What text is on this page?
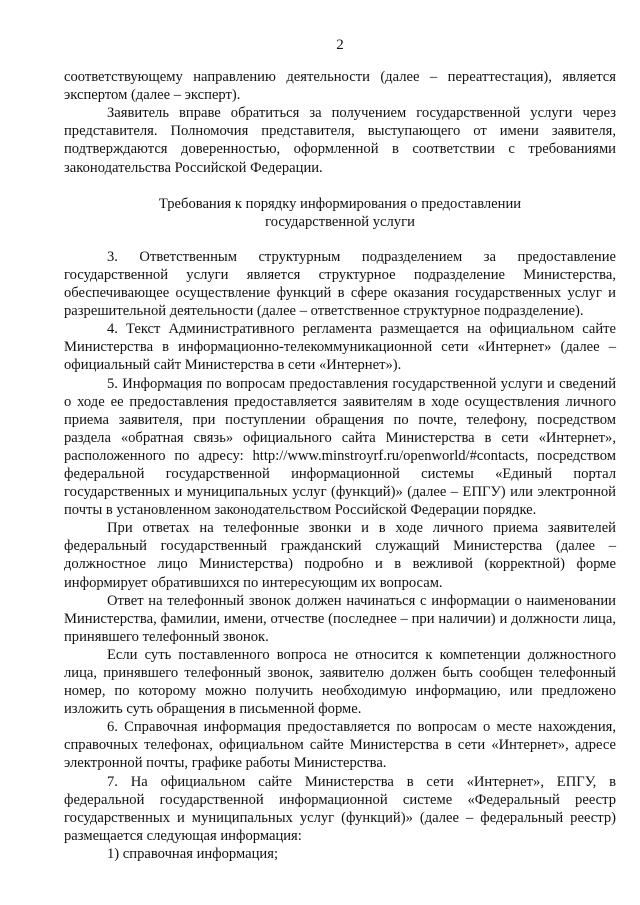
2

соответствующему направлению деятельности (далее – переаттестация), является экспертом (далее – эксперт).

Заявитель вправе обратиться за получением государственной услуги через представителя. Полномочия представителя, выступающего от имени заявителя, подтверждаются доверенностью, оформленной в соответствии с требованиями законодательства Российской Федерации.

Требования к порядку информирования о предоставлении
государственной услуги

3. Ответственным структурным подразделением за предоставление государственной услуги является структурное подразделение Министерства, обеспечивающее осуществление функций в сфере оказания государственных услуг и разрешительной деятельности (далее – ответственное структурное подразделение).

4. Текст Административного регламента размещается на официальном сайте Министерства в информационно-телекоммуникационной сети «Интернет» (далее – официальный сайт Министерства в сети «Интернет»).

5. Информация по вопросам предоставления государственной услуги и сведений о ходе ее предоставления предоставляется заявителям в ходе осуществления личного приема заявителя, при поступлении обращения по почте, телефону, посредством раздела «обратная связь» официального сайта Министерства в сети «Интернет», расположенного по адресу: http://www.minstroyrf.ru/openworld/#contacts, посредством федеральной государственной информационной системы «Единый портал государственных и муниципальных услуг (функций)» (далее – ЕПГУ) или электронной почты в установленном законодательством Российской Федерации порядке.

При ответах на телефонные звонки и в ходе личного приема заявителей федеральный государственный гражданский служащий Министерства (далее – должностное лицо Министерства) подробно и в вежливой (корректной) форме информирует обратившихся по интересующим их вопросам.

Ответ на телефонный звонок должен начинаться с информации о наименовании Министерства, фамилии, имени, отчестве (последнее – при наличии) и должности лица, принявшего телефонный звонок.

Если суть поставленного вопроса не относится к компетенции должностного лица, принявшего телефонный звонок, заявителю должен быть сообщен телефонный номер, по которому можно получить необходимую информацию, или предложено изложить суть обращения в письменной форме.

6. Справочная информация предоставляется по вопросам о месте нахождения, справочных телефонах, официальном сайте Министерства в сети «Интернет», адресе электронной почты, графике работы Министерства.

7. На официальном сайте Министерства в сети «Интернет», ЕПГУ, в федеральной государственной информационной системе «Федеральный реестр государственных и муниципальных услуг (функций)» (далее – федеральный реестр) размещается следующая информация:

1) справочная информация;
